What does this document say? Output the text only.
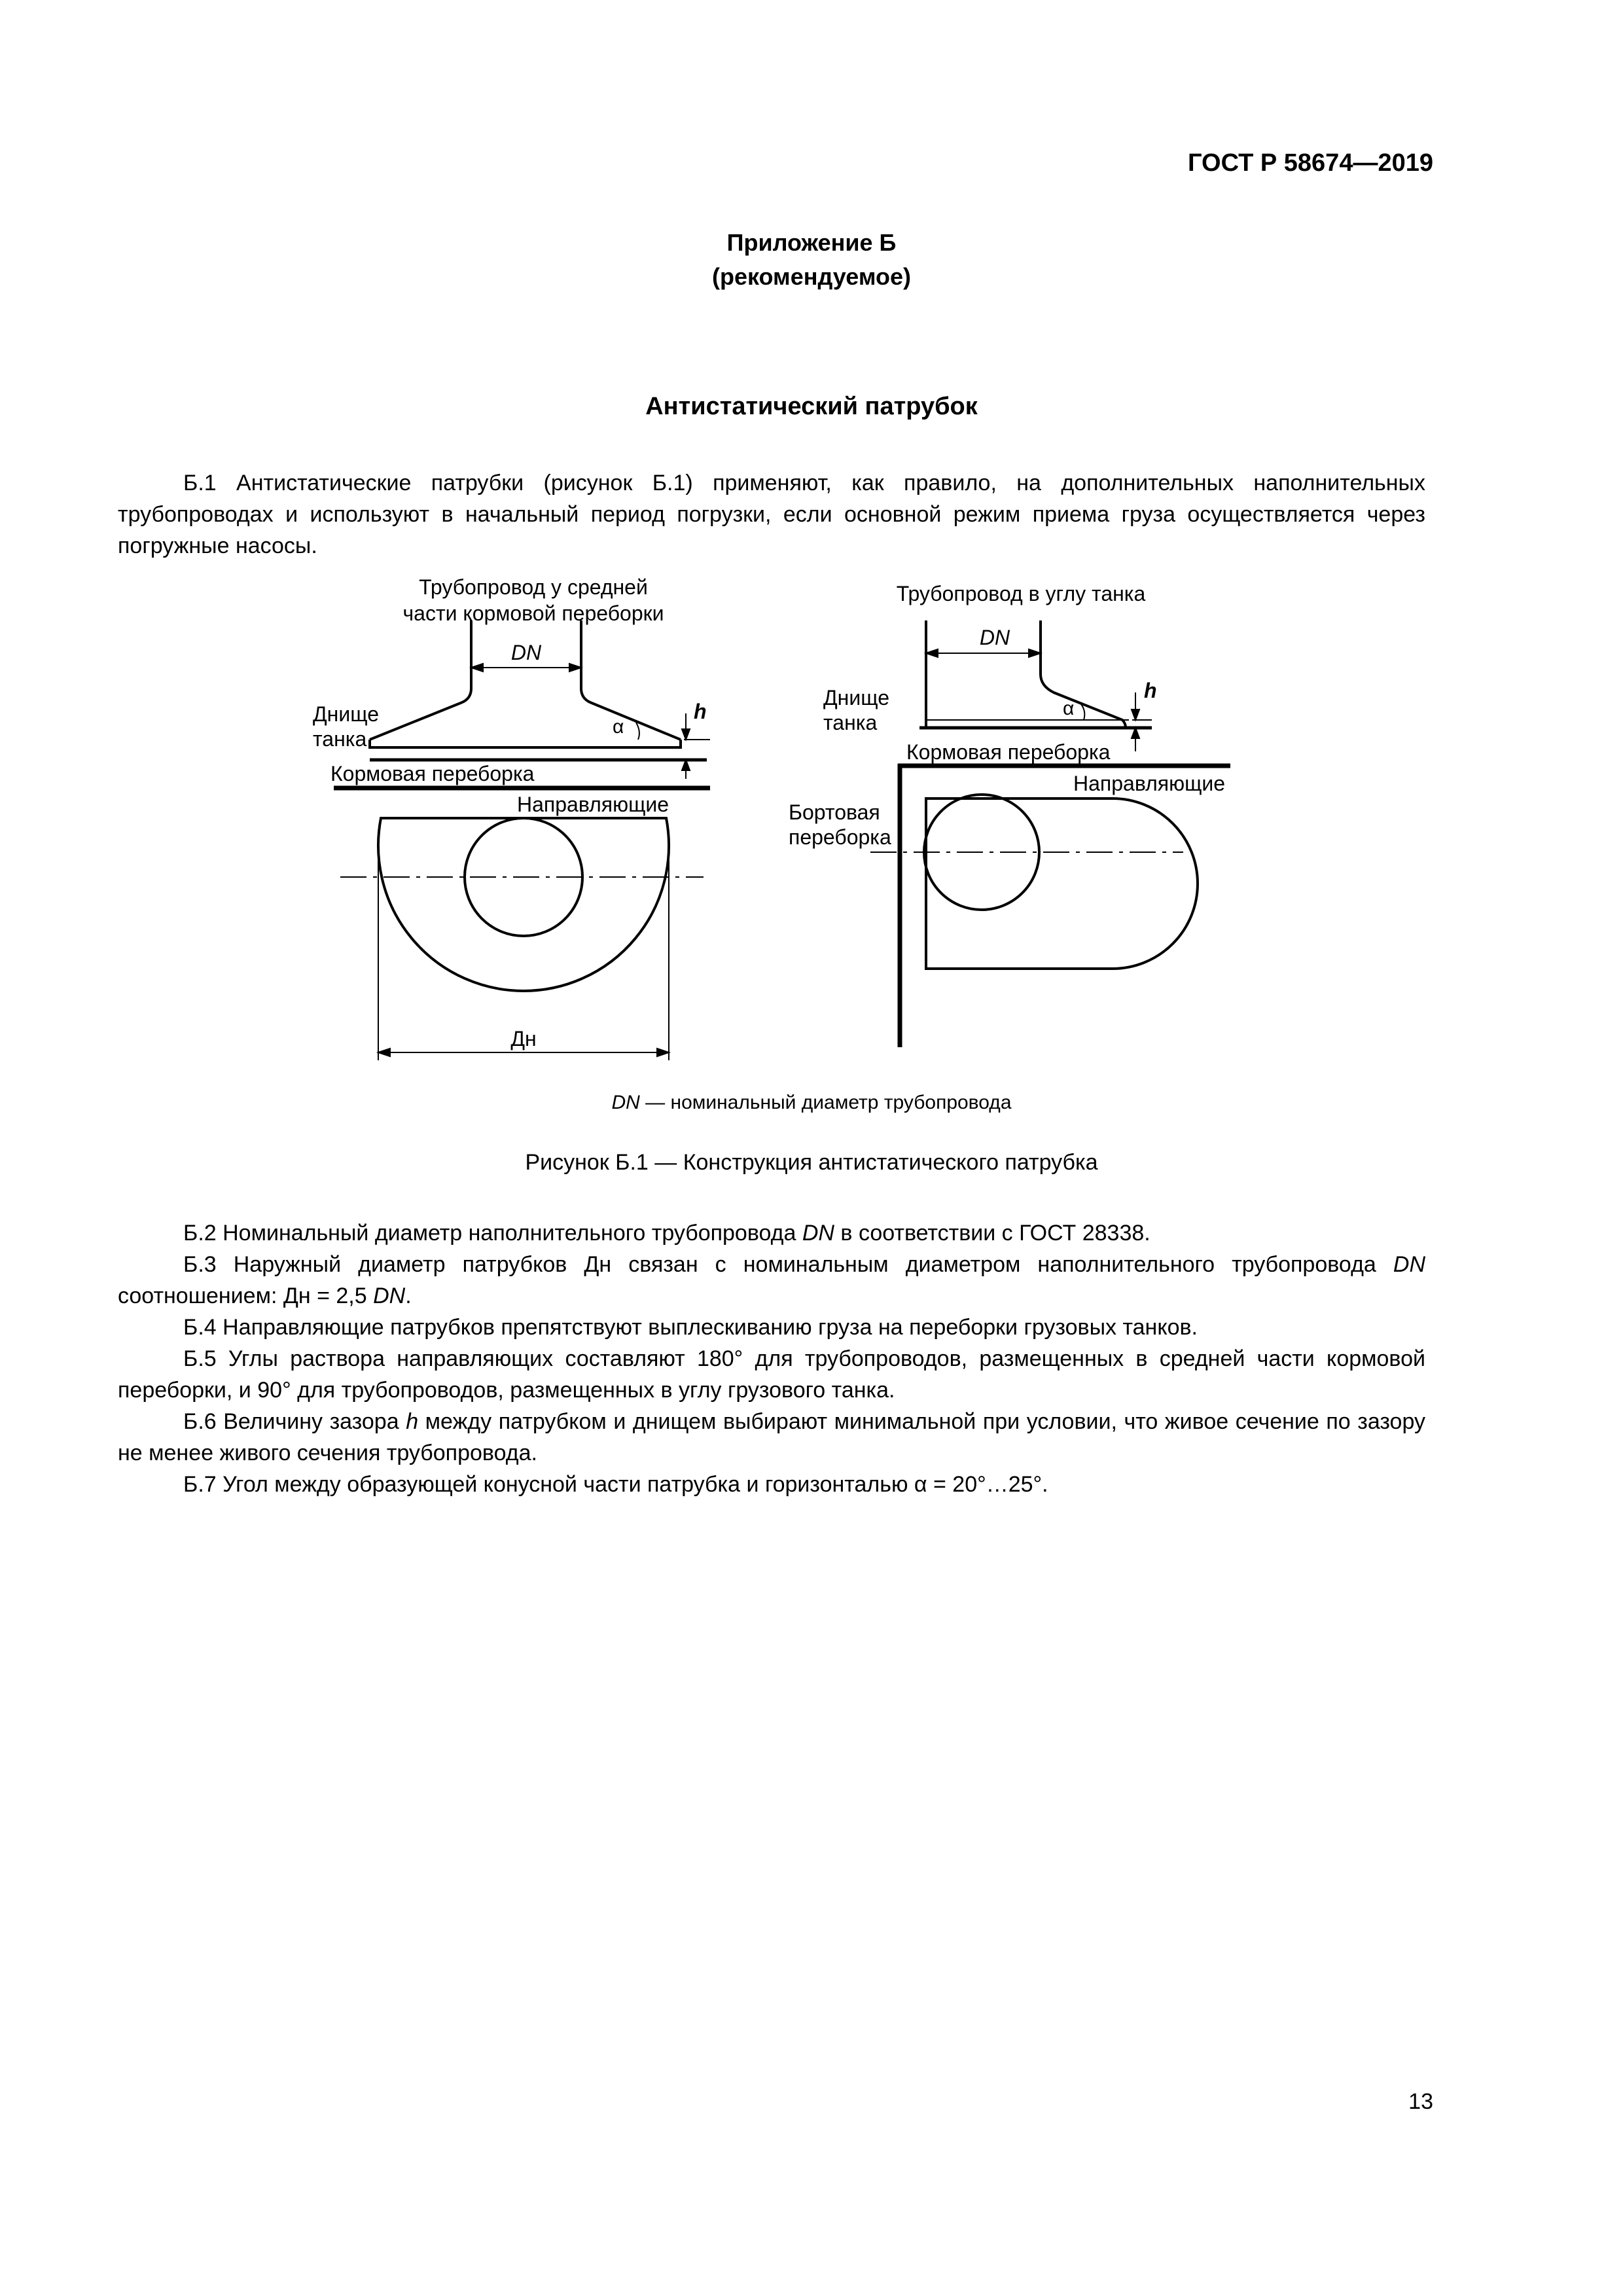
ГОСТ Р 58674—2019
Приложение Б
(рекомендуемое)
Антистатический патрубок
Б.1 Антистатические патрубки (рисунок Б.1) применяют, как правило, на дополнительных наполнительных трубопроводах и используют в начальный период погрузки, если основной режим приема груза осуществляется через погружные насосы.
Трубопровод у средней
части кормовой переборки
DN
Днище
танка
h
α
Кормовая переборка
Направляющие
Дн
Трубопровод в углу танка
DN
Днище
танка
h
α
Кормовая переборка
Направляющие
Бортовая
переборка
DN — номинальный диаметр трубопровода
Рисунок Б.1 — Конструкция антистатического патрубка
Б.2 Номинальный диаметр наполнительного трубопровода DN в соответствии с ГОСТ 28338.
Б.3 Наружный диаметр патрубков Дн связан с номинальным диаметром наполнительного трубопровода DN соотношением: Дн = 2,5 DN.
Б.4 Направляющие патрубков препятствуют выплескиванию груза на переборки грузовых танков.
Б.5 Углы раствора направляющих составляют 180° для трубопроводов, размещенных в средней части кормовой переборки, и 90° для трубопроводов, размещенных в углу грузового танка.
Б.6 Величину зазора h между патрубком и днищем выбирают минимальной при условии, что живое сечение по зазору не менее живого сечения трубопровода.
Б.7 Угол между образующей конусной части патрубка и горизонталью α = 20°…25°.
13
